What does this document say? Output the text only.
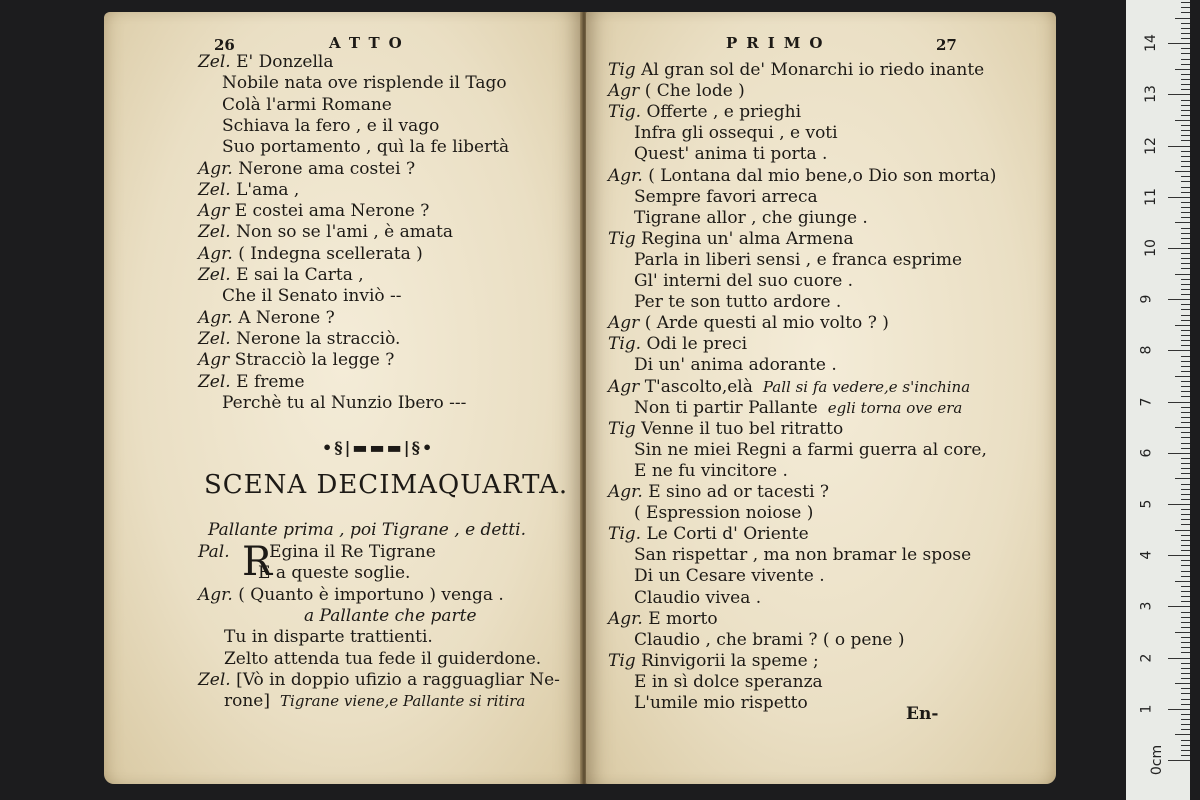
26	ATTO
Zel. E' Donzella
Nobile nata ove risplende il Tago
Colà l'armi Romane
Schiava la fero , e il vago
Suo portamento , quì la fe libertà
Agr. Nerone ama costei ?
Zel. L'ama ,
Agr E costei ama Nerone ?
Zel. Non so se l'ami , è amata
Agr. ( Indegna scellerata )
Zel. E sai la Carta ,
Che il Senato inviò --
Agr. A Nerone ?
Zel. Nerone la stracciò.
Agr Stracciò la legge ?
Zel. E freme
Perchè tu al Nunzio Ibero ---
•§|▬▬▬|§•
SCENA DECIMAQUARTA.
Pallante prima , poi Tigrane , e detti.
R
Pal. Egina il Re Tigrane
E a queste soglie.
Agr. ( Quanto è importuno ) venga .
a Pallante che parte
Tu in disparte trattienti.
Zelto attenda tua fede il guiderdone.
Zel. [Vò in doppio ufizio a ragguagliar Ne-
rone] Tigrane viene,e Pallante si ritira
PRIMO	27
Tig Al gran sol de' Monarchi io riedo inante
Agr ( Che lode )
Tig. Offerte , e prieghi
Infra gli ossequi , e voti
Quest' anima ti porta .
Agr. ( Lontana dal mio bene,o Dio son morta)
Sempre favori arreca
Tigrane allor , che giunge .
Tig Regina un' alma Armena
Parla in liberi sensi , e franca esprime
Gl' interni del suo cuore .
Per te son tutto ardore .
Agr ( Arde questi al mio volto ? )
Tig. Odi le preci
Di un' anima adorante .
Agr T'ascolto,elà Pall si fa vedere,e s'inchina
Non ti partir Pallante egli torna ove era
Tig Venne il tuo bel ritratto
Sin ne miei Regni a farmi guerra al core,
E ne fu vincitore .
Agr. E sino ad or tacesti ?
( Espression noiose )
Tig. Le Corti d' Oriente
San rispettar , ma non bramar le spose
Di un Cesare vivente .
Claudio vivea .
Agr. E morto
Claudio , che brami ? ( o pene )
Tig Rinvigorii la speme ;
E in sì dolce speranza
L'umile mio rispetto
En-
14
13
12
11
10
9
8
7
6
5
4
3
2
1
0cm
